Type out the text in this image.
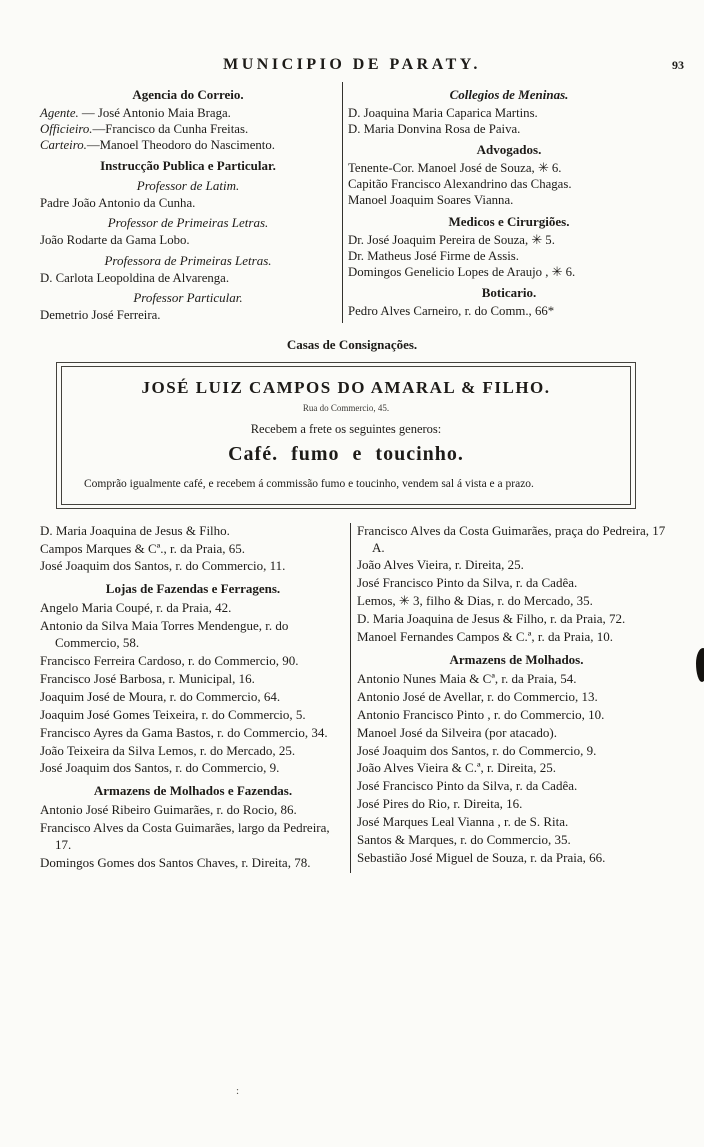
MUNICIPIO DE PARATY.	93
Agencia do Correio.

Agente. — José Antonio Maia Braga.

Officieiro.—Francisco da Cunha Freitas.

Carteiro.—Manoel Theodoro do Nascimento.

Instrucção Publica e Particular.
Professor de Latim.

Padre João Antonio da Cunha.

Professor de Primeiras Letras.

João Rodarte da Gama Lobo.

Professora de Primeiras Letras.

D. Carlota Leopoldina de Alvarenga.

Professor Particular.

Demetrio José Ferreira.

Collegios de Meninas.

D. Joaquina Maria Caparica Martins.

D. Maria Donvina Rosa de Paiva.

Advogados.

Tenente-Cor. Manoel José de Souza, ✳ 6.

Capitão Francisco Alexandrino das Chagas.

Manoel Joaquim Soares Vianna.

Medicos e Cirurgiões.

Dr. José Joaquim Pereira de Souza, ✳ 5.

Dr. Matheus José Firme de Assis.

Domingos Genelicio Lopes de Araujo , ✳ 6.

Boticario.

Pedro Alves Carneiro, r. do Comm., 66*

Casas de Consignações.
JOSÉ LUIZ CAMPOS DO AMARAL & FILHO.
Rua do Commercio, 45.
Recebem a frete os seguintes generos:
Café. fumo e toucinho.
Comprão igualmente café, e recebem á commissão fumo e toucinho, vendem sal á vista e a prazo.

D. Maria Joaquina de Jesus & Filho.

Campos Marques & Cª., r. da Praia, 65.

José Joaquim dos Santos, r. do Commercio, 11.

Lojas de Fazendas e Ferragens.

Angelo Maria Coupé, r. da Praia, 42.

Antonio da Silva Maia Torres Mendengue, r. do Commercio, 58.

Francisco Ferreira Cardoso, r. do Commercio, 90.

Francisco José Barbosa, r. Municipal, 16.

Joaquim José de Moura, r. do Commercio, 64.

Joaquim José Gomes Teixeira, r. do Commercio, 5.

Francisco Ayres da Gama Bastos, r. do Commercio, 34.

João Teixeira da Silva Lemos, r. do Mercado, 25.

José Joaquim dos Santos, r. do Commercio, 9.

Armazens de Molhados e Fazendas.

Antonio José Ribeiro Guimarães, r. do Rocio, 86.

Francisco Alves da Costa Guimarães, largo da Pedreira, 17.

Domingos Gomes dos Santos Chaves, r. Direita, 78.

Francisco Alves da Costa Guimarães, praça do Pedreira, 17 A.

João Alves Vieira, r. Direita, 25.

José Francisco Pinto da Silva, r. da Cadêa.

Lemos, ✳ 3, filho & Dias, r. do Mercado, 35.

D. Maria Joaquina de Jesus & Filho, r. da Praia, 72.

Manoel Fernandes Campos & C.ª, r. da Praia, 10.

Armazens de Molhados.

Antonio Nunes Maia & Cª, r. da Praia, 54.

Antonio José de Avellar, r. do Commercio, 13.

Antonio Francisco Pinto , r. do Commercio, 10.

Manoel José da Silveira (por atacado).

José Joaquim dos Santos, r. do Commercio, 9.

João Alves Vieira & C.ª, r. Direita, 25.

José Francisco Pinto da Silva, r. da Cadêa.

José Pires do Rio, r. Direita, 16.

José Marques Leal Vianna , r. de S. Rita.

Santos & Marques, r. do Commercio, 35.

Sebastião José Miguel de Souza, r. da Praia, 66.

:
